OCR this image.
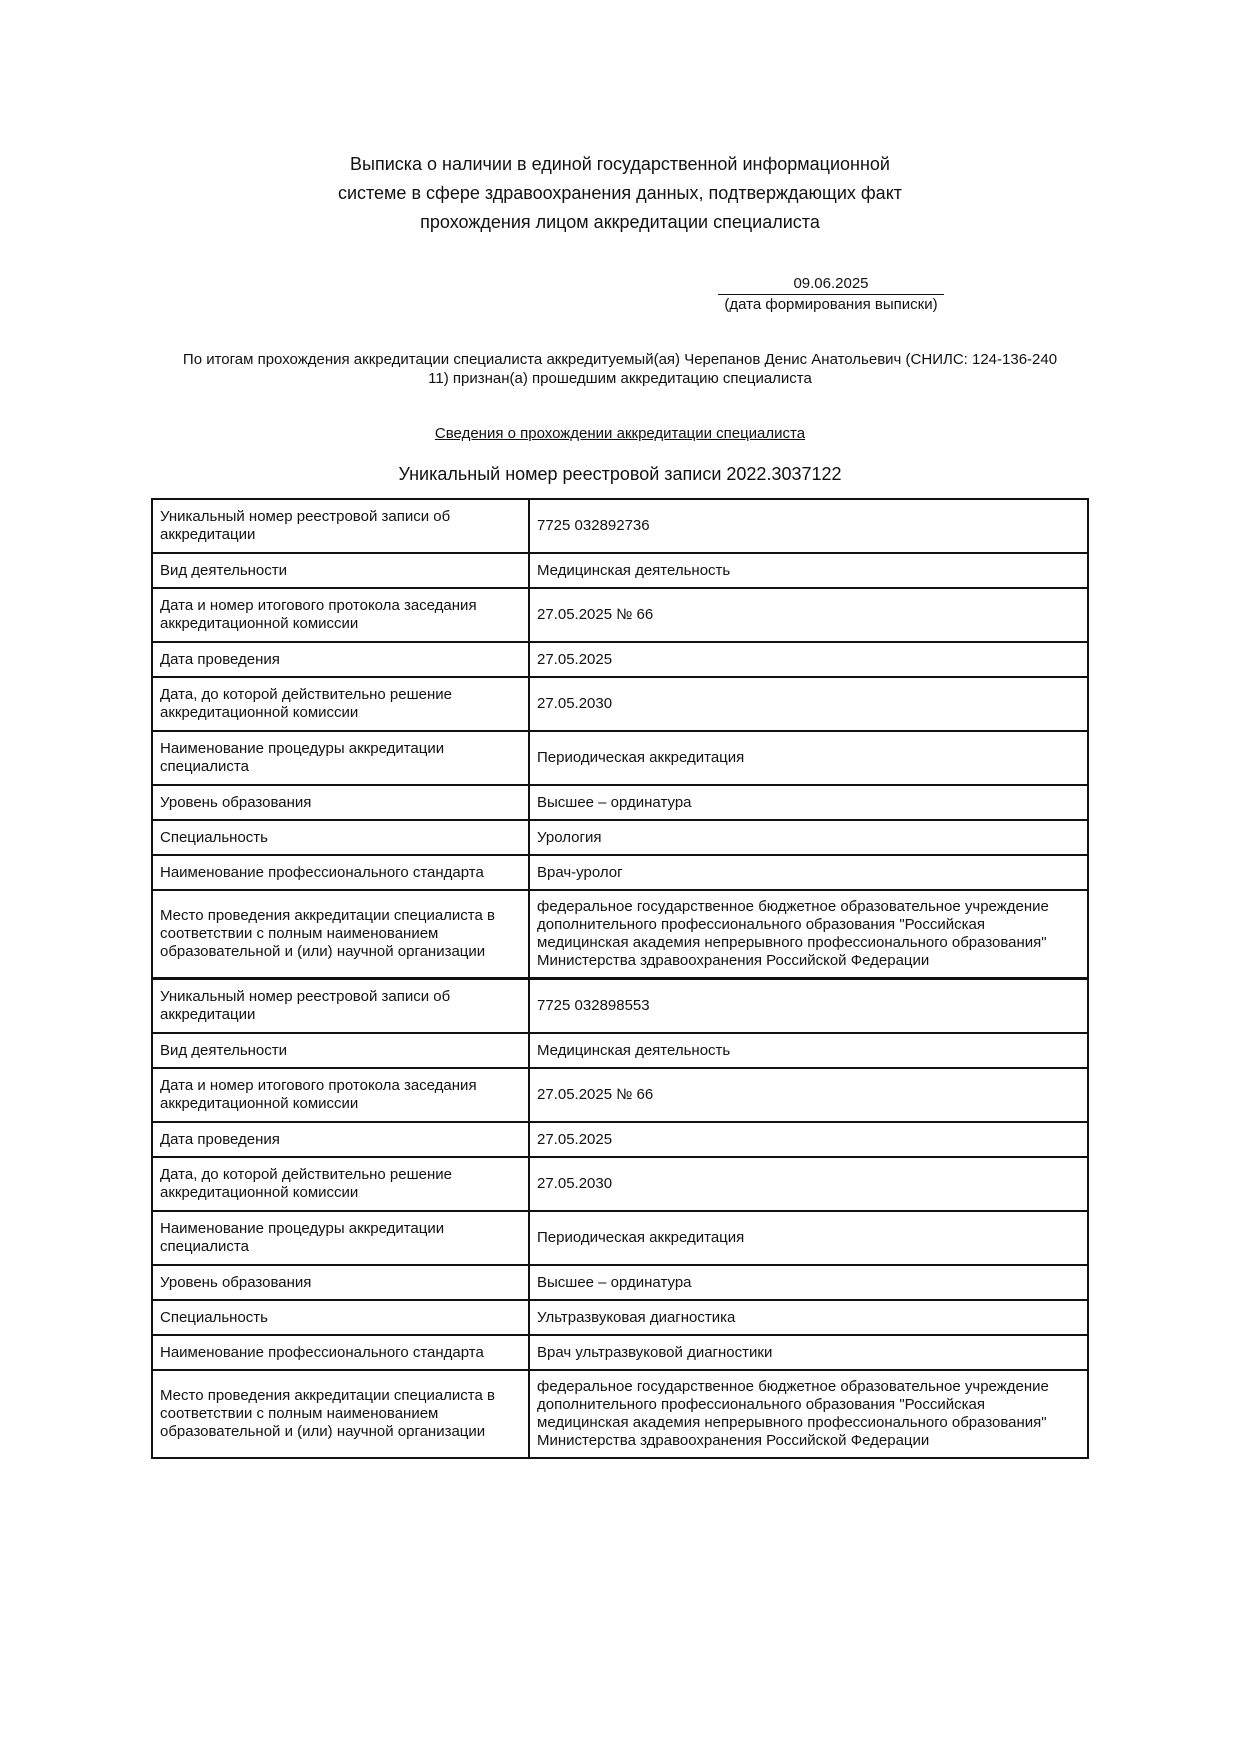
Выписка о наличии в единой государственной информационной
системе в сфере здравоохранения данных, подтверждающих факт
прохождения лицом аккредитации специалиста
09.06.2025
(дата формирования выписки)
По итогам прохождения аккредитации специалиста аккредитуемый(ая) Черепанов Денис Анатольевич (СНИЛС: 124-136-240
11) признан(а) прошедшим аккредитацию специалиста
Сведения о прохождении аккредитации специалиста
Уникальный номер реестровой записи 2022.3037122
Уникальный номер реестровой записи об аккредитации	7725 032892736
Вид деятельности	Медицинская деятельность
Дата и номер итогового протокола заседания аккредитационной комиссии	27.05.2025 № 66
Дата проведения	27.05.2025
Дата, до которой действительно решение аккредитационной комиссии	27.05.2030
Наименование процедуры аккредитации специалиста	Периодическая аккредитация
Уровень образования	Высшее – ординатура
Специальность	Урология
Наименование профессионального стандарта	Врач-уролог
Место проведения аккредитации специалиста в соответствии с полным наименованием образовательной и (или) научной организации	федеральное государственное бюджетное образовательное учреждение дополнительного профессионального образования "Российская медицинская академия непрерывного профессионального образования" Министерства здравоохранения Российской Федерации
Уникальный номер реестровой записи об аккредитации	7725 032898553
Вид деятельности	Медицинская деятельность
Дата и номер итогового протокола заседания аккредитационной комиссии	27.05.2025 № 66
Дата проведения	27.05.2025
Дата, до которой действительно решение аккредитационной комиссии	27.05.2030
Наименование процедуры аккредитации специалиста	Периодическая аккредитация
Уровень образования	Высшее – ординатура
Специальность	Ультразвуковая диагностика
Наименование профессионального стандарта	Врач ультразвуковой диагностики
Место проведения аккредитации специалиста в соответствии с полным наименованием образовательной и (или) научной организации	федеральное государственное бюджетное образовательное учреждение дополнительного профессионального образования "Российская медицинская академия непрерывного профессионального образования" Министерства здравоохранения Российской Федерации
